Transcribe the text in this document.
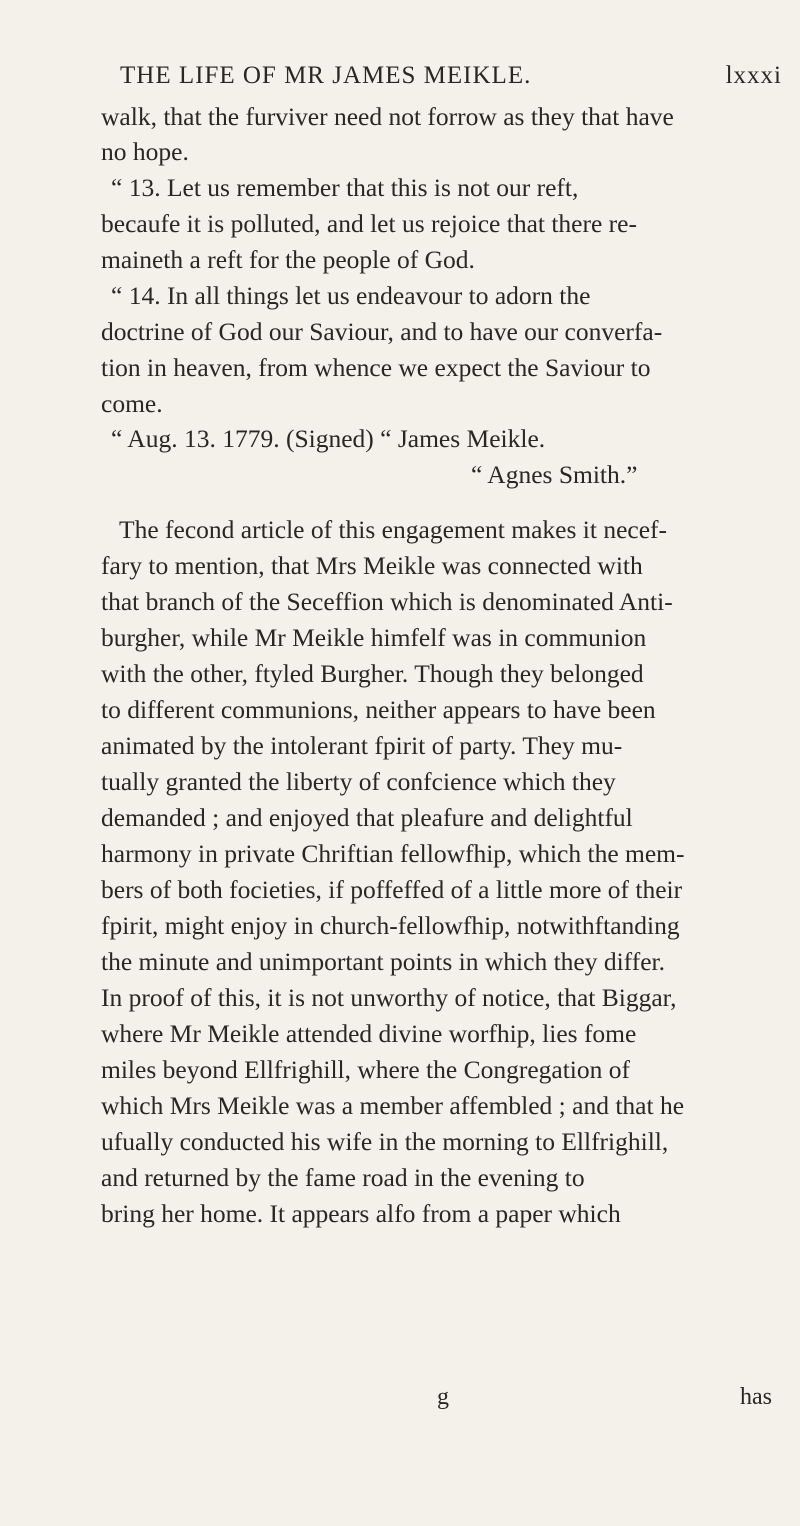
THE LIFE OF MR JAMES MEIKLE.	lxxxi
walk, that the furviver need not forrow as they that have
no hope.
“ 13. Let us remember that this is not our reft,
becaufe it is polluted, and let us rejoice that there re-
maineth a reft for the people of God.
“ 14. In all things let us endeavour to adorn the
doctrine of God our Saviour, and to have our converfa-
tion in heaven, from whence we expect the Saviour to
come.
“ Aug. 13. 1779. (Signed) “ James Meikle.
“ Agnes Smith.”
The fecond article of this engagement makes it necef-
fary to mention, that Mrs Meikle was connected with
that branch of the Seceffion which is denominated Anti-
burgher, while Mr Meikle himfelf was in communion
with the other, ftyled Burgher. Though they belonged
to different communions, neither appears to have been
animated by the intolerant fpirit of party. They mu-
tually granted the liberty of confcience which they
demanded ; and enjoyed that pleafure and delightful
harmony in private Chriftian fellowfhip, which the mem-
bers of both focieties, if poffeffed of a little more of their
fpirit, might enjoy in church-fellowfhip, notwithftanding
the minute and unimportant points in which they differ.
In proof of this, it is not unworthy of notice, that Biggar,
where Mr Meikle attended divine worfhip, lies fome
miles beyond Ellfrighill, where the Congregation of
which Mrs Meikle was a member affembled ; and that he
ufually conducted his wife in the morning to Ellfrighill,
and returned by the fame road in the evening to
bring her home. It appears alfo from a paper which
g	has
